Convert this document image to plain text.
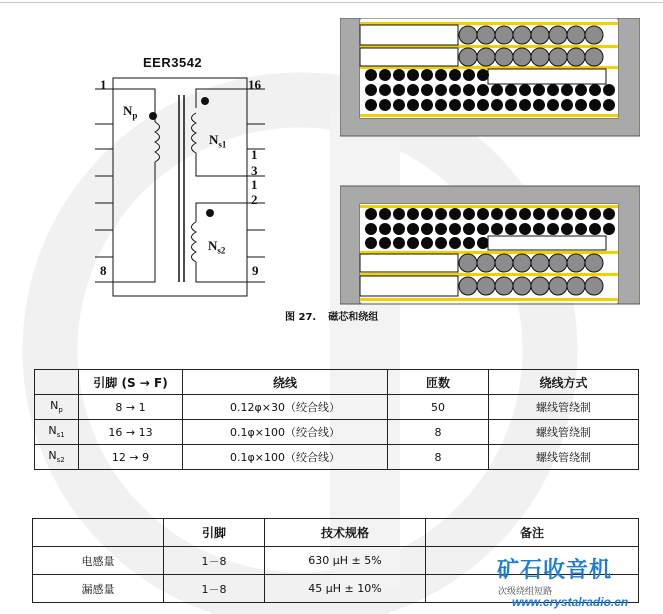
EER3542
1	16
8	9
1
3
1
2
$N_p$
$N_{s1}$
$N_{s2}$
图 27. 磁芯和绕组
	引脚 (S → F)	绕线	匝数	绕线方式
$N_p$	8 → 1	0.12φ×30（绞合线）	50	螺线管绕制
$N_{s1}$	16 → 13	0.1φ×100（绞合线）	8	螺线管绕制
$N_{s2}$	12 → 9	0.1φ×100（绞合线）	8	螺线管绕制
	引脚	技术规格	备注
电感量	1－8	630 μH ± 5%	
漏感量	1－8	45 μH ± 10%	
矿石收音机
次级绕组短路
www.crystalradio.cn
